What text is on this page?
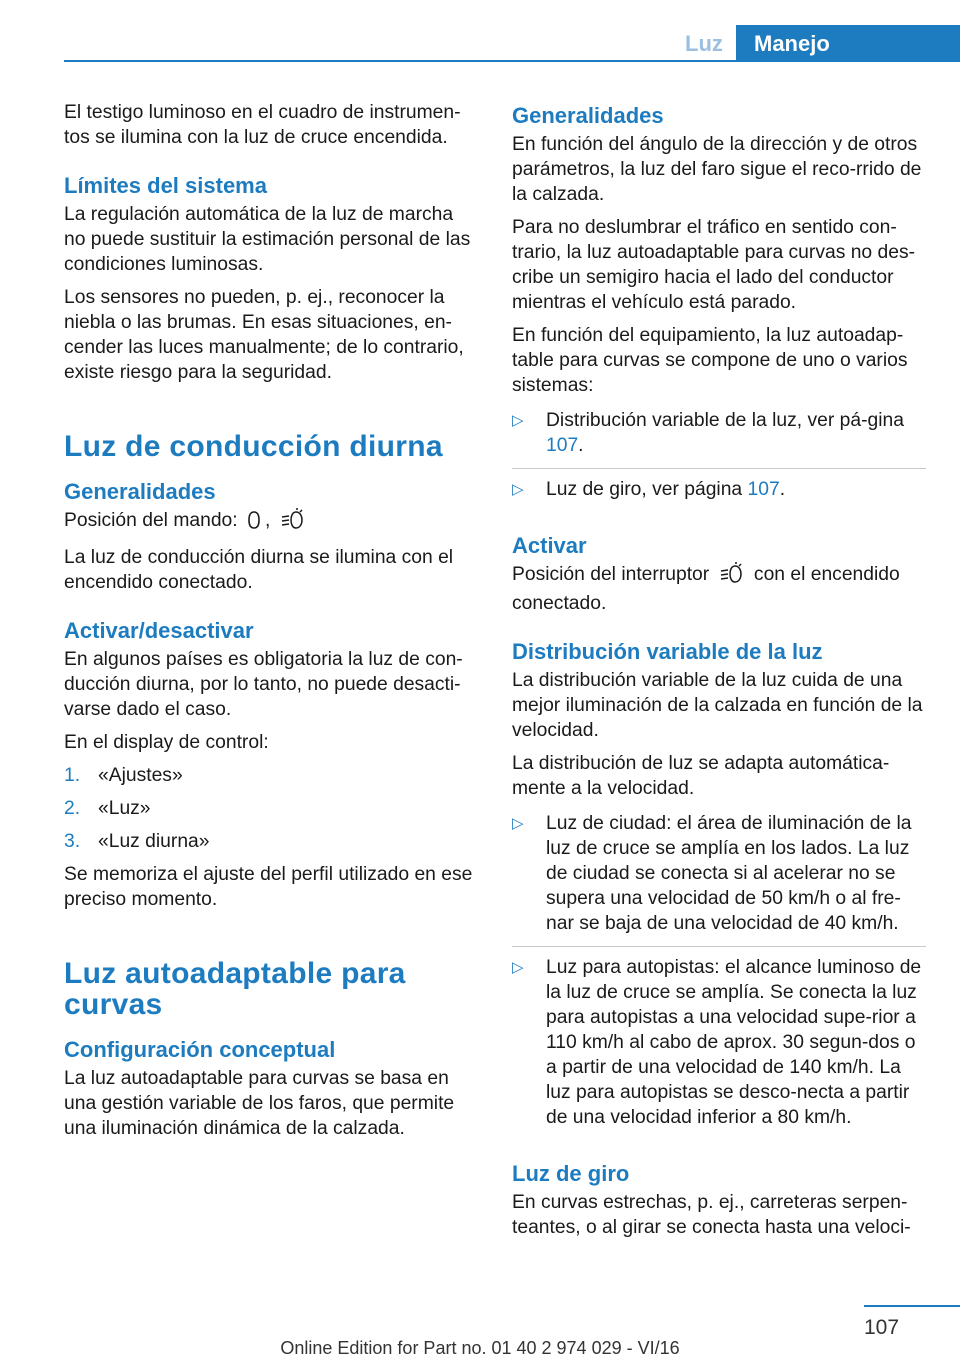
Luz	Manejo

El testigo luminoso en el cuadro de instrumen‐tos se ilumina con la luz de cruce encendida.

Límites del sistema

La regulación automática de la luz de marcha no puede sustituir la estimación personal de las condiciones luminosas.

Los sensores no pueden, p. ej., reconocer la niebla o las brumas. En esas situaciones, en‐cender las luces manualmente; de lo contrario, existe riesgo para la seguridad.

Luz de conducción diurna
Generalidades

Posición del mando: ,

La luz de conducción diurna se ilumina con el encendido conectado.

Activar/desactivar

En algunos países es obligatoria la luz de con‐ducción diurna, por lo tanto, no puede desacti‐varse dado el caso.

En el display de control:

1. «Ajustes»
2. «Luz»
3. «Luz diurna»

Se memoriza el ajuste del perfil utilizado en ese preciso momento.

Luz autoadaptable para curvas
Configuración conceptual

La luz autoadaptable para curvas se basa en una gestión variable de los faros, que permite una iluminación dinámica de la calzada.

Generalidades

En función del ángulo de la dirección y de otros parámetros, la luz del faro sigue el reco‐rrido de la calzada.

Para no deslumbrar el tráfico en sentido con‐trario, la luz autoadaptable para curvas no des‐cribe un semigiro hacia el lado del conductor mientras el vehículo está parado.

En función del equipamiento, la luz autoadap‐table para curvas se compone de uno o varios sistemas:

▷	Distribución variable de la luz, ver pá‐gina 107.
▷	Luz de giro, ver página 107.
Activar

Posición del interruptor con el encendido conectado.

Distribución variable de la luz

La distribución variable de la luz cuida de una mejor iluminación de la calzada en función de la velocidad.

La distribución de luz se adapta automática‐mente a la velocidad.

▷	Luz de ciudad: el área de iluminación de la luz de cruce se amplía en los lados. La luz de ciudad se conecta si al acelerar no se supera una velocidad de 50 km/h o al fre‐nar se baja de una velocidad de 40 km/h.
▷	Luz para autopistas: el alcance luminoso de la luz de cruce se amplía. Se conecta la luz para autopistas a una velocidad supe‐rior a 110 km/h al cabo de aprox. 30 segun‐dos o a partir de una velocidad de 140 km/h. La luz para autopistas se desco‐necta a partir de una velocidad inferior a 80 km/h.
Luz de giro

En curvas estrechas, p. ej., carreteras serpen‐teantes, o al girar se conecta hasta una veloci‐

107
Online Edition for Part no. 01 40 2 974 029 - VI/16
